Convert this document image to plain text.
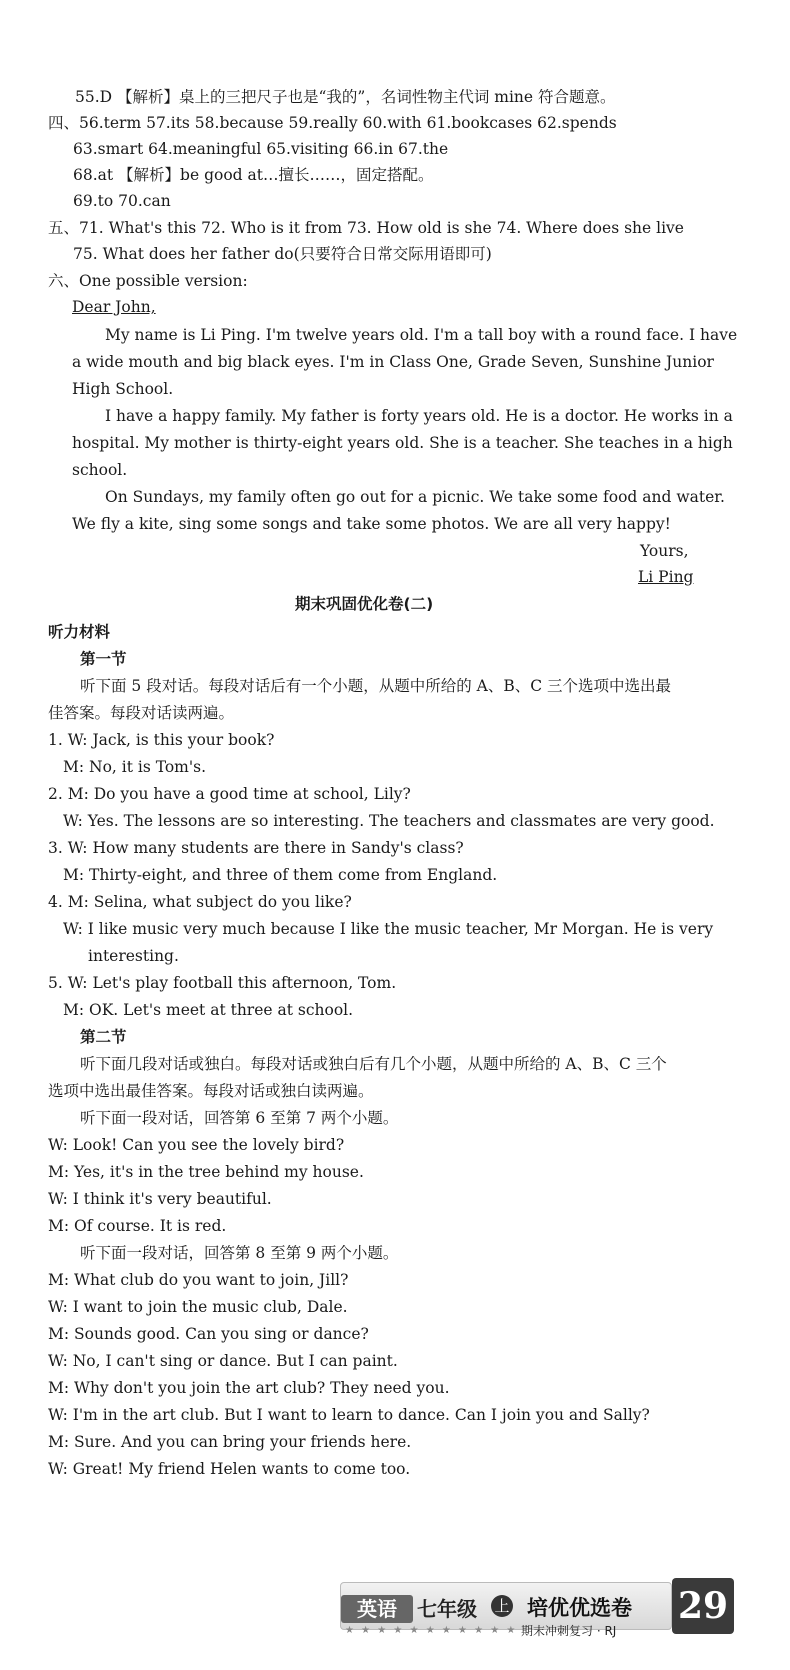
55.D 【解析】桌上的三把尺子也是“我的”，名词性物主代词 mine 符合题意。
四、56.term 57.its 58.because 59.really 60.with 61.bookcases 62.spends
63.smart 64.meaningful 65.visiting 66.in 67.the
68.at 【解析】be good at…擅长……，固定搭配。
69.to 70.can
五、71. What's this 72. Who is it from 73. How old is she 74. Where does she live
75. What does her father do(只要符合日常交际用语即可)
六、One possible version:
Dear John,
My name is Li Ping. I'm twelve years old. I'm a tall boy with a round face. I have
a wide mouth and big black eyes. I'm in Class One, Grade Seven, Sunshine Junior
High School.
I have a happy family. My father is forty years old. He is a doctor. He works in a
hospital. My mother is thirty-eight years old. She is a teacher. She teaches in a high
school.
On Sundays, my family often go out for a picnic. We take some food and water.
We fly a kite, sing some songs and take some photos. We are all very happy!
Yours,
Li Ping
期末巩固优化卷(二)
听力材料
第一节
听下面 5 段对话。每段对话后有一个小题，从题中所给的 A、B、C 三个选项中选出最
佳答案。每段对话读两遍。
1. W: Jack, is this your book?
M: No, it is Tom's.
2. M: Do you have a good time at school, Lily?
W: Yes. The lessons are so interesting. The teachers and classmates are very good.
3. W: How many students are there in Sandy's class?
M: Thirty-eight, and three of them come from England.
4. M: Selina, what subject do you like?
W: I like music very much because I like the music teacher, Mr Morgan. He is very
interesting.
5. W: Let's play football this afternoon, Tom.
M: OK. Let's meet at three at school.
第二节
听下面几段对话或独白。每段对话或独白后有几个小题，从题中所给的 A、B、C 三个
选项中选出最佳答案。每段对话或独白读两遍。
听下面一段对话，回答第 6 至第 7 两个小题。
W: Look! Can you see the lovely bird?
M: Yes, it's in the tree behind my house.
W: I think it's very beautiful.
M: Of course. It is red.
听下面一段对话，回答第 8 至第 9 两个小题。
M: What club do you want to join, Jill?
W: I want to join the music club, Dale.
M: Sounds good. Can you sing or dance?
W: No, I can't sing or dance. But I can paint.
M: Why don't you join the art club? They need you.
W: I'm in the art club. But I want to learn to dance. Can I join you and Sally?
M: Sure. And you can bring your friends here.
W: Great! My friend Helen wants to come too.
英语	七年级 上 培优优选卷
★ ★ ★ ★ ★ ★ ★ ★ ★ ★ ★ 期末冲刺复习 · RJ
29
